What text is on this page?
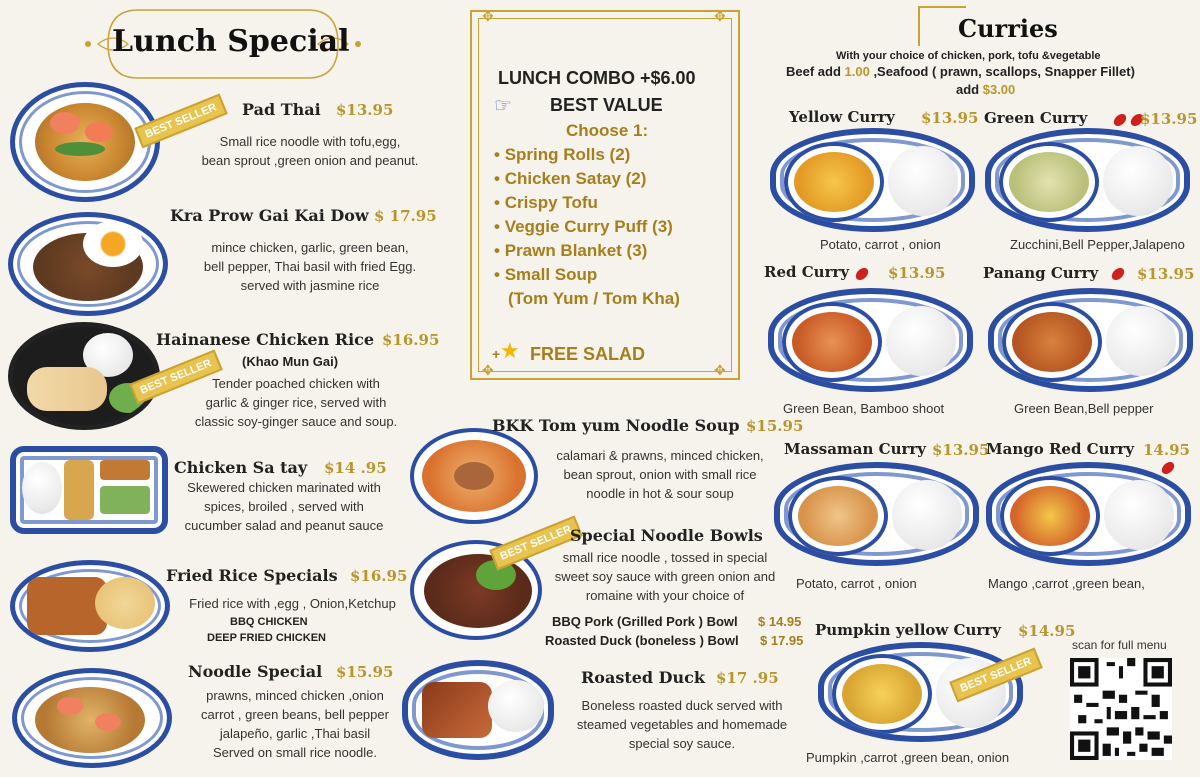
Lunch Special
BEST SELLER	Pad Thai $13.95
Small rice noodle with tofu,egg,
bean sprout ,green onion and peanut.
Kra Prow Gai Kai Dow $ 17.95
mince chicken, garlic, green bean,
bell pepper, Thai basil with fried Egg.
served with jasmine rice
BEST SELLER
Hainanese Chicken Rice $16.95
(Khao Mun Gai)
Tender poached chicken with
garlic & ginger rice, served with
classic soy-ginger sauce and soup.
Chicken Sa tay $14 .95
Skewered chicken marinated with
spices, broiled , served with
cucumber salad and peanut sauce
Fried Rice Specials $16.95
Fried rice with ,egg , Onion,Ketchup
BBQ CHICKEN
DEEP FRIED CHICKEN
Noodle Special $15.95
prawns, minced chicken ,onion
carrot , green beans, bell pepper
jalapeño, garlic ,Thai basil
Served on small rice noodle.
✥	✥
✥	✥
LUNCH COMBO +$6.00
☞ BEST VALUE
Choose 1:
• Spring Rolls (2)
• Chicken Satay (2)
• Crispy Tofu
• Veggie Curry Puff (3)
• Prawn Blanket (3)
• Small Soup
(Tom Yum / Tom Kha)
+ ★ FREE SALAD
BKK Tom yum Noodle Soup $15.95
calamari & prawns, minced chicken,
bean sprout, onion with small rice
noodle in hot & sour soup
BEST SELLER
Special Noodle Bowls
small rice noodle , tossed in special
sweet soy sauce with green onion and
romaine with your choice of
BBQ Pork (Grilled Pork ) Bowl $ 14.95
Roasted Duck (boneless ) Bowl $ 17.95
Roasted Duck $17 .95
Boneless roasted duck served with
steamed vegetables and homemade
special soy sauce.
Curries
With your choice of chicken, pork, tofu &vegetable
Beef add 1.00 ,Seafood ( prawn, scallops, Snapper Fillet)
add $3.00
Yellow Curry $13.95
Potato, carrot , onion
Green Curry	$13.95
Zucchini,Bell Pepper,Jalapeno
Red Curry	$13.95
Green Bean, Bamboo shoot
Panang Curry	$13.95
Green Bean,Bell pepper
Massaman Curry $13.95
Potato, carrot , onion
Mango Red Curry 14.95
Mango ,carrot ,green bean,
Pumpkin yellow Curry $14.95
BEST SELLER
Pumpkin ,carrot ,green bean, onion
scan for full menu
